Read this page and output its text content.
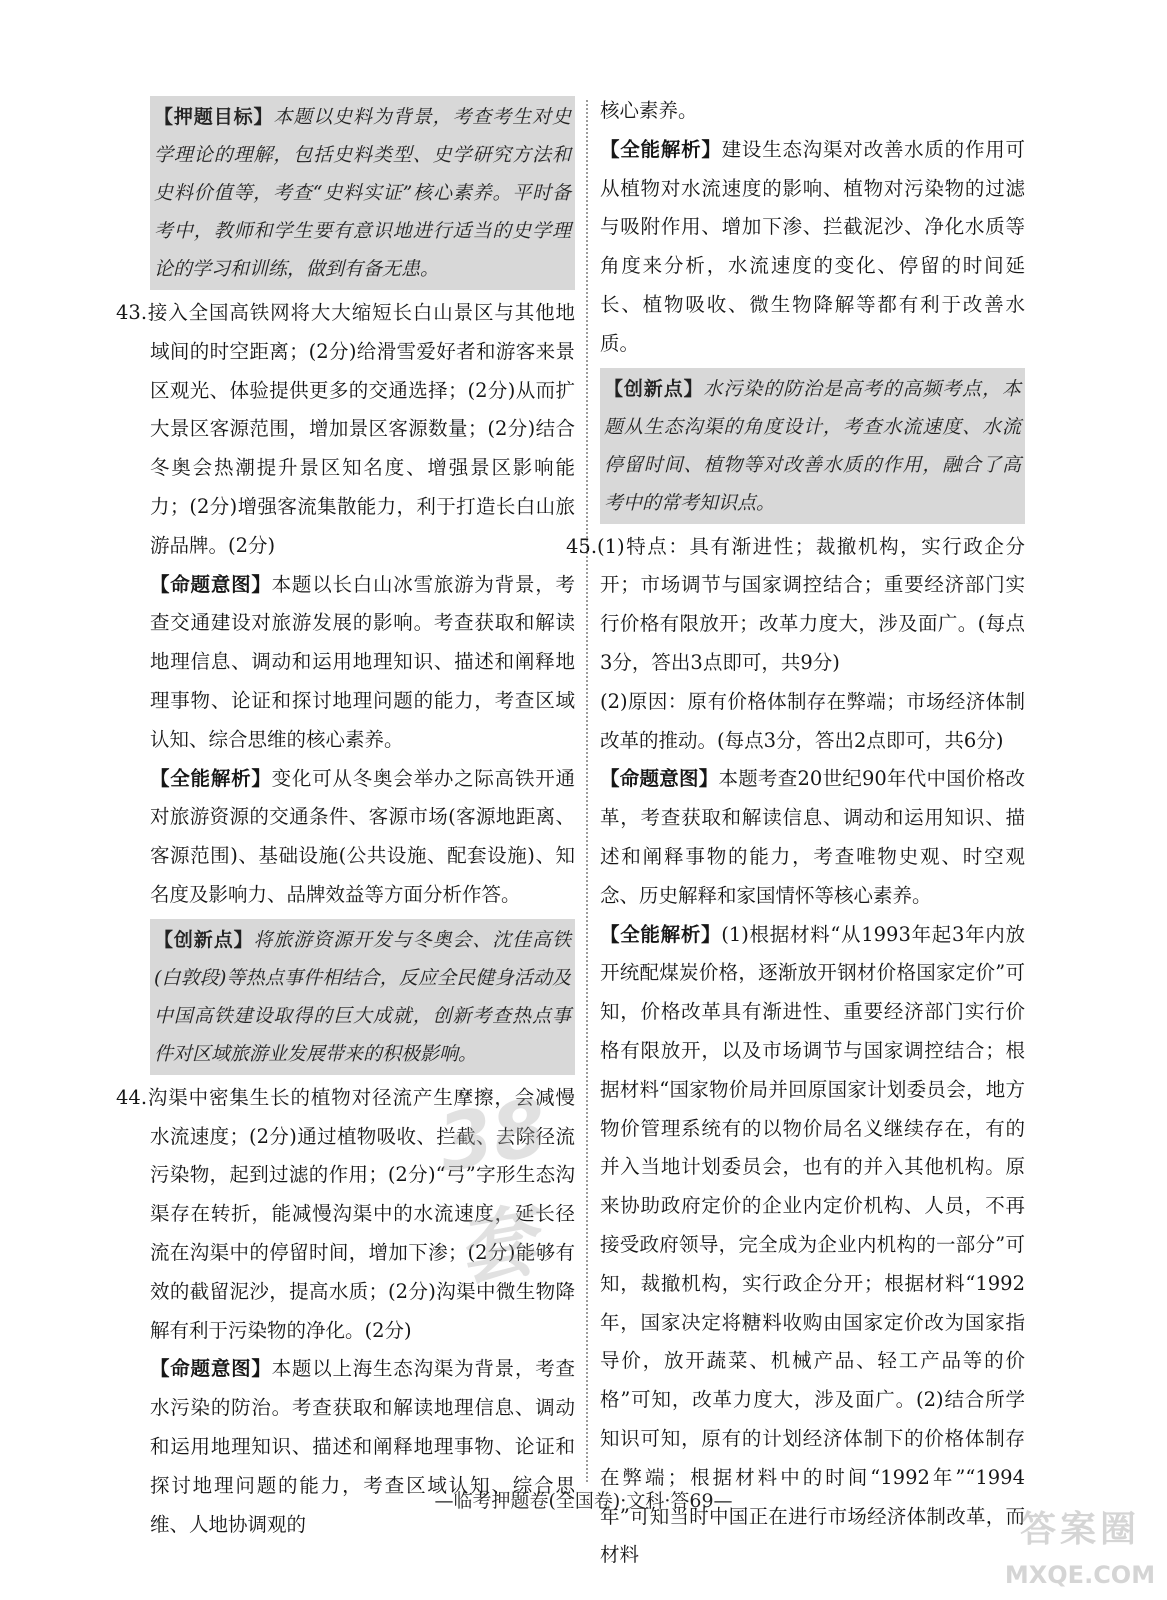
【押题目标】本题以史料为背景，考查考生对史学理论的理解，包括史料类型、史学研究方法和史料价值等，考查“史料实证”核心素养。平时备考中，教师和学生要有意识地进行适当的史学理论的学习和训练，做到有备无患。

43.接入全国高铁网将大大缩短长白山景区与其他地域间的时空距离；(2分)给滑雪爱好者和游客来景区观光、体验提供更多的交通选择；(2分)从而扩大景区客源范围，增加景区客源数量；(2分)结合冬奥会热潮提升景区知名度、增强景区影响能力；(2分)增强客流集散能力，利于打造长白山旅游品牌。(2分)

【命题意图】本题以长白山冰雪旅游为背景，考查交通建设对旅游发展的影响。考查获取和解读地理信息、调动和运用地理知识、描述和阐释地理事物、论证和探讨地理问题的能力，考查区域认知、综合思维的核心素养。

【全能解析】变化可从冬奥会举办之际高铁开通对旅游资源的交通条件、客源市场(客源地距离、客源范围)、基础设施(公共设施、配套设施)、知名度及影响力、品牌效益等方面分析作答。

【创新点】将旅游资源开发与冬奥会、沈佳高铁(白敦段)等热点事件相结合，反应全民健身活动及中国高铁建设取得的巨大成就，创新考查热点事件对区域旅游业发展带来的积极影响。

44.沟渠中密集生长的植物对径流产生摩擦，会减慢水流速度；(2分)通过植物吸收、拦截、去除径流污染物，起到过滤的作用；(2分)“弓”字形生态沟渠存在转折，能减慢沟渠中的水流速度，延长径流在沟渠中的停留时间，增加下渗；(2分)能够有效的截留泥沙，提高水质；(2分)沟渠中微生物降解有利于污染物的净化。(2分)

【命题意图】本题以上海生态沟渠为背景，考查水污染的防治。考查获取和解读地理信息、调动和运用地理知识、描述和阐释地理事物、论证和探讨地理问题的能力，考查区域认知、综合思维、人地协调观的

核心素养。

【全能解析】建设生态沟渠对改善水质的作用可从植物对水流速度的影响、植物对污染物的过滤与吸附作用、增加下渗、拦截泥沙、净化水质等角度来分析，水流速度的变化、停留的时间延长、植物吸收、微生物降解等都有利于改善水质。

【创新点】水污染的防治是高考的高频考点，本题从生态沟渠的角度设计，考查水流速度、水流停留时间、植物等对改善水质的作用，融合了高考中的常考知识点。

45.(1)特点：具有渐进性；裁撤机构，实行政企分开；市场调节与国家调控结合；重要经济部门实行价格有限放开；改革力度大，涉及面广。(每点3分，答出3点即可，共9分)

(2)原因：原有价格体制存在弊端；市场经济体制改革的推动。(每点3分，答出2点即可，共6分)

【命题意图】本题考查20世纪90年代中国价格改革，考查获取和解读信息、调动和运用知识、描述和阐释事物的能力，考查唯物史观、时空观念、历史解释和家国情怀等核心素养。

【全能解析】(1)根据材料“从1993年起3年内放开统配煤炭价格，逐渐放开钢材价格国家定价”可知，价格改革具有渐进性、重要经济部门实行价格有限放开，以及市场调节与国家调控结合；根据材料“国家物价局并回原国家计划委员会，地方物价管理系统有的以物价局名义继续存在，有的并入当地计划委员会，也有的并入其他机构。原来协助政府定价的企业内定价机构、人员，不再接受政府领导，完全成为企业内机构的一部分”可知，裁撤机构，实行政企分开；根据材料“1992年，国家决定将糖料收购由国家定价改为国家指导价，放开蔬菜、机械产品、轻工产品等的价格”可知，改革力度大，涉及面广。(2)结合所学知识可知，原有的计划经济体制下的价格体制存在弊端；根据材料中的时间“1992年”“1994年”可知当时中国正在进行市场经济体制改革，而材料

38套
—临考押题卷(全国卷)·文科·答69—
答案圈
MXQE.COM
